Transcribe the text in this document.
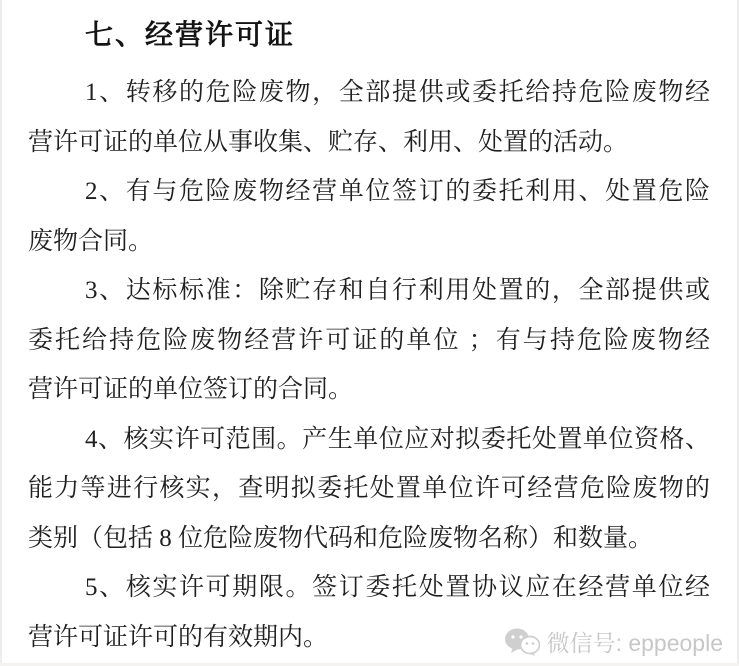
七、经营许可证
1、转移的危险废物，全部提供或委托给持危险废物经
营许可证的单位从事收集、贮存、利用、处置的活动。
2、有与危险废物经营单位签订的委托利用、处置危险
废物合同。
3、达标标准：除贮存和自行利用处置的，全部提供或
委托给持危险废物经营许可证的单位 ；有与持危险废物经
营许可证的单位签订的合同。
4、核实许可范围。产生单位应对拟委托处置单位资格、
能力等进行核实，查明拟委托处置单位许可经营危险废物的
类别（包括 8 位危险废物代码和危险废物名称）和数量。
5、核实许可期限。签订委托处置协议应在经营单位经
营许可证许可的有效期内。	微信号: eppeople
